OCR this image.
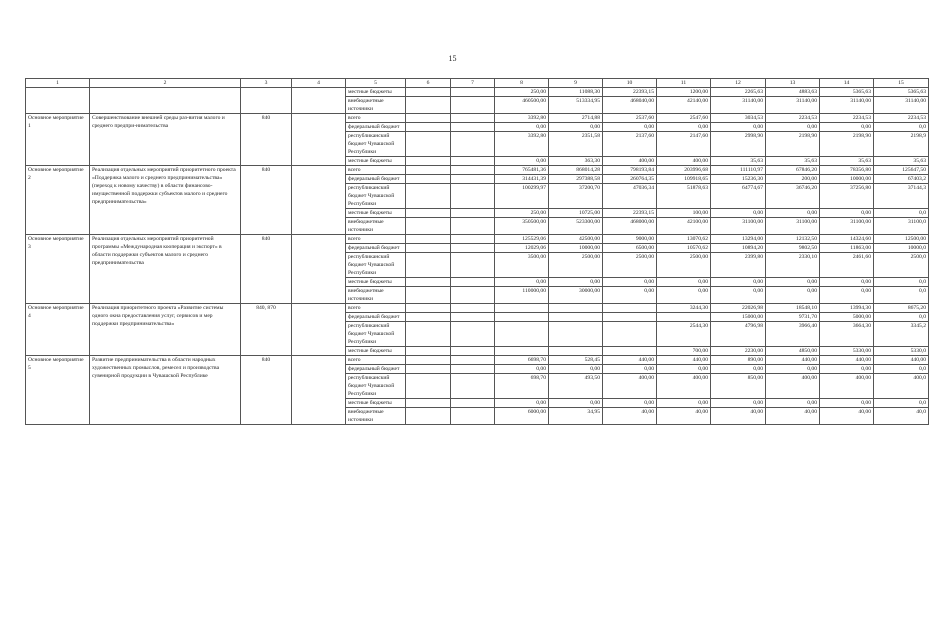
15
1	2	3	4	5	6	7	8	9	10	11	12	13	14	15
				местные бюджеты			250,00	11088,30	22393,15	1200,00	2265,63	4883,63	5365,63	5365,63
				внебюджетные источники			460500,00	513334,95	468040,00	42140,00	31140,00	31140,00	31140,00	31140,00
Основное мероприятие 1	Совершенствование внешней среды раз-вития малого и среднего предпри-нимательства	840		всего			3392,80	2714,88	2537,60	2547,60	3034,53	2234,53	2234,53	2234,53
				федеральный бюджет			0,00	0,00	0,00	0,00	0,00	0,00	0,00	0,0
				республиканский бюджет Чувашской Республики			3392,80	2351,58	2137,60	2147,60	2998,90	2198,90	2198,90	2198,9
				местные бюджеты			0,00	363,30	400,00	400,00	35,63	35,63	35,63	35,63
Основное мероприятие 2	Реализация отдельных мероприятий приоритетного проекта «Поддержка малого и среднего предпринимательства» (переход к новому качеству) в области финансово-имущественной поддержки субъектов малого и среднего предпринимательства»	840		всего			765481,36	868014,28	798193,84	203996,68	111110,97	67846,20	78356,80	125647,50
				федеральный бюджет			314431,39	297388,58	260764,35	109918,65	15236,30	200,00	10000,00	67403,2
				республиканский бюджет Чувашской Республики			100299,97	37200,70	47036,34	51878,63	64774,67	36746,20	37256,80	37144,3
				местные бюджеты			250,00	10725,00	22393,15	100,00	0,00	0,00	0,00	0,0
				внебюджетные источники			350500,00	523300,00	468000,00	42100,00	31100,00	31100,00	31100,00	31100,0
Основное мероприятие 3	Реализация отдельных мероприятий приоритетной программы «Международная кооперация и экспорт» в области поддержки субъектов малого и среднего предпринимательства	840		всего			125529,06	42500,00	9000,00	13070,62	13294,00	12132,50	14324,60	12500,00
				федеральный бюджет			12029,06	10000,00	6500,00	10570,62	10894,20	9802,50	11863,00	10000,0
				республиканский бюджет Чувашской Республики			3500,00	2500,00	2500,00	2500,00	2399,80	2330,10	2461,60	2500,0
				местные бюджеты			0,00	0,00	0,00	0,00	0,00	0,00	0,00	0,0
				внебюджетные источники			110000,00	30000,00	0,00	0,00	0,00	0,00	0,00	0,0
Основное мероприятие 4	Реализация приоритетного проекта «Развитие системы одного окна предоставления услуг, сервисов и мер поддержки предпринимательства»	840, 870		всего						3244,30	22026,98	18548,10	13994,30	8675,20
				федеральный бюджет							15000,00	9731,70	5000,00	0,0
				республиканский бюджет Чувашской Республики						2544,30	4796,98	3966,40	3664,30	3345,2
				местные бюджеты						700,00	2230,00	4850,00	5330,00	5330,0
Основное мероприятие 5	Развитие предпринимательства в области народных художественных промыслов, ремесел и производства сувенирной продукции в Чувашской Республике	840		всего			6698,70	528,45	440,00	440,00	890,00	440,00	440,00	440,00
				федеральный бюджет			0,00	0,00	0,00	0,00	0,00	0,00	0,00	0,0
				республиканский бюджет Чувашской Республики			698,70	493,50	400,00	400,00	850,00	400,00	400,00	400,0
				местные бюджеты			0,00	0,00	0,00	0,00	0,00	0,00	0,00	0,0
				внебюджетные источники			6000,00	34,95	40,00	40,00	40,00	40,00	40,00	40,0
